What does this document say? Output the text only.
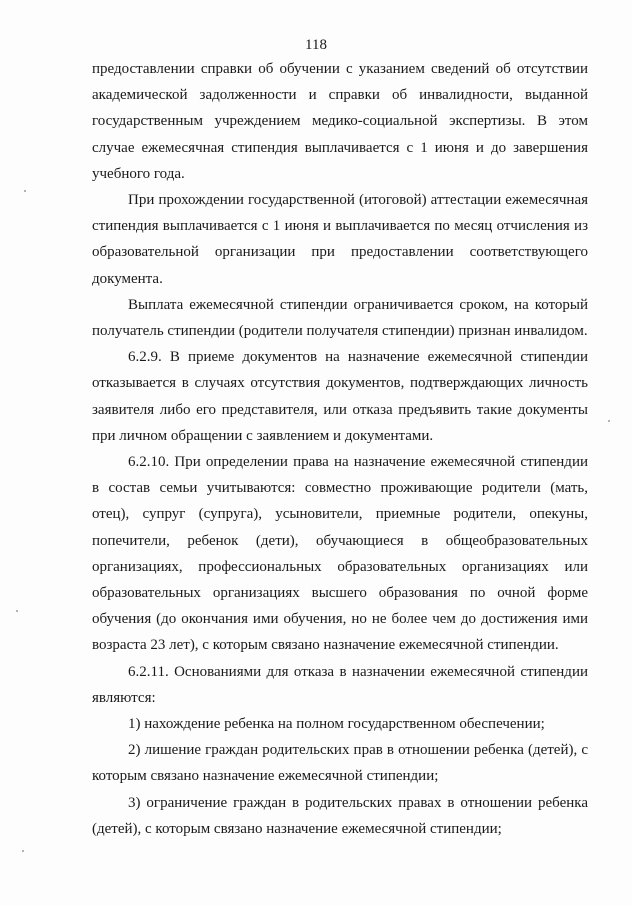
118

предоставлении справки об обучении с указанием сведений об отсутствии академической задолженности и справки об инвалидности, выданной государственным учреждением медико-социальной экспертизы. В этом случае ежемесячная стипендия выплачивается с 1 июня и до завершения учебного года.

При прохождении государственной (итоговой) аттестации ежемесячная стипендия выплачивается с 1 июня и выплачивается по месяц отчисления из образовательной организации при предоставлении соответствующего документа.

Выплата ежемесячной стипендии ограничивается сроком, на который получатель стипендии (родители получателя стипендии) признан инвалидом.

6.2.9. В приеме документов на назначение ежемесячной стипендии отказывается в случаях отсутствия документов, подтверждающих личность заявителя либо его представителя, или отказа предъявить такие документы при личном обращении с заявлением и документами.

6.2.10. При определении права на назначение ежемесячной стипендии в состав семьи учитываются: совместно проживающие родители (мать, отец), супруг (супруга), усыновители, приемные родители, опекуны, попечители, ребенок (дети), обучающиеся в общеобразовательных организациях, профессиональных образовательных организациях или образовательных организациях высшего образования по очной форме обучения (до окончания ими обучения, но не более чем до достижения ими возраста 23 лет), с которым связано назначение ежемесячной стипендии.

6.2.11. Основаниями для отказа в назначении ежемесячной стипендии являются:

1) нахождение ребенка на полном государственном обеспечении;

2) лишение граждан родительских прав в отношении ребенка (детей), с которым связано назначение ежемесячной стипендии;

3) ограничение граждан в родительских правах в отношении ребенка (детей), с которым связано назначение ежемесячной стипендии;
